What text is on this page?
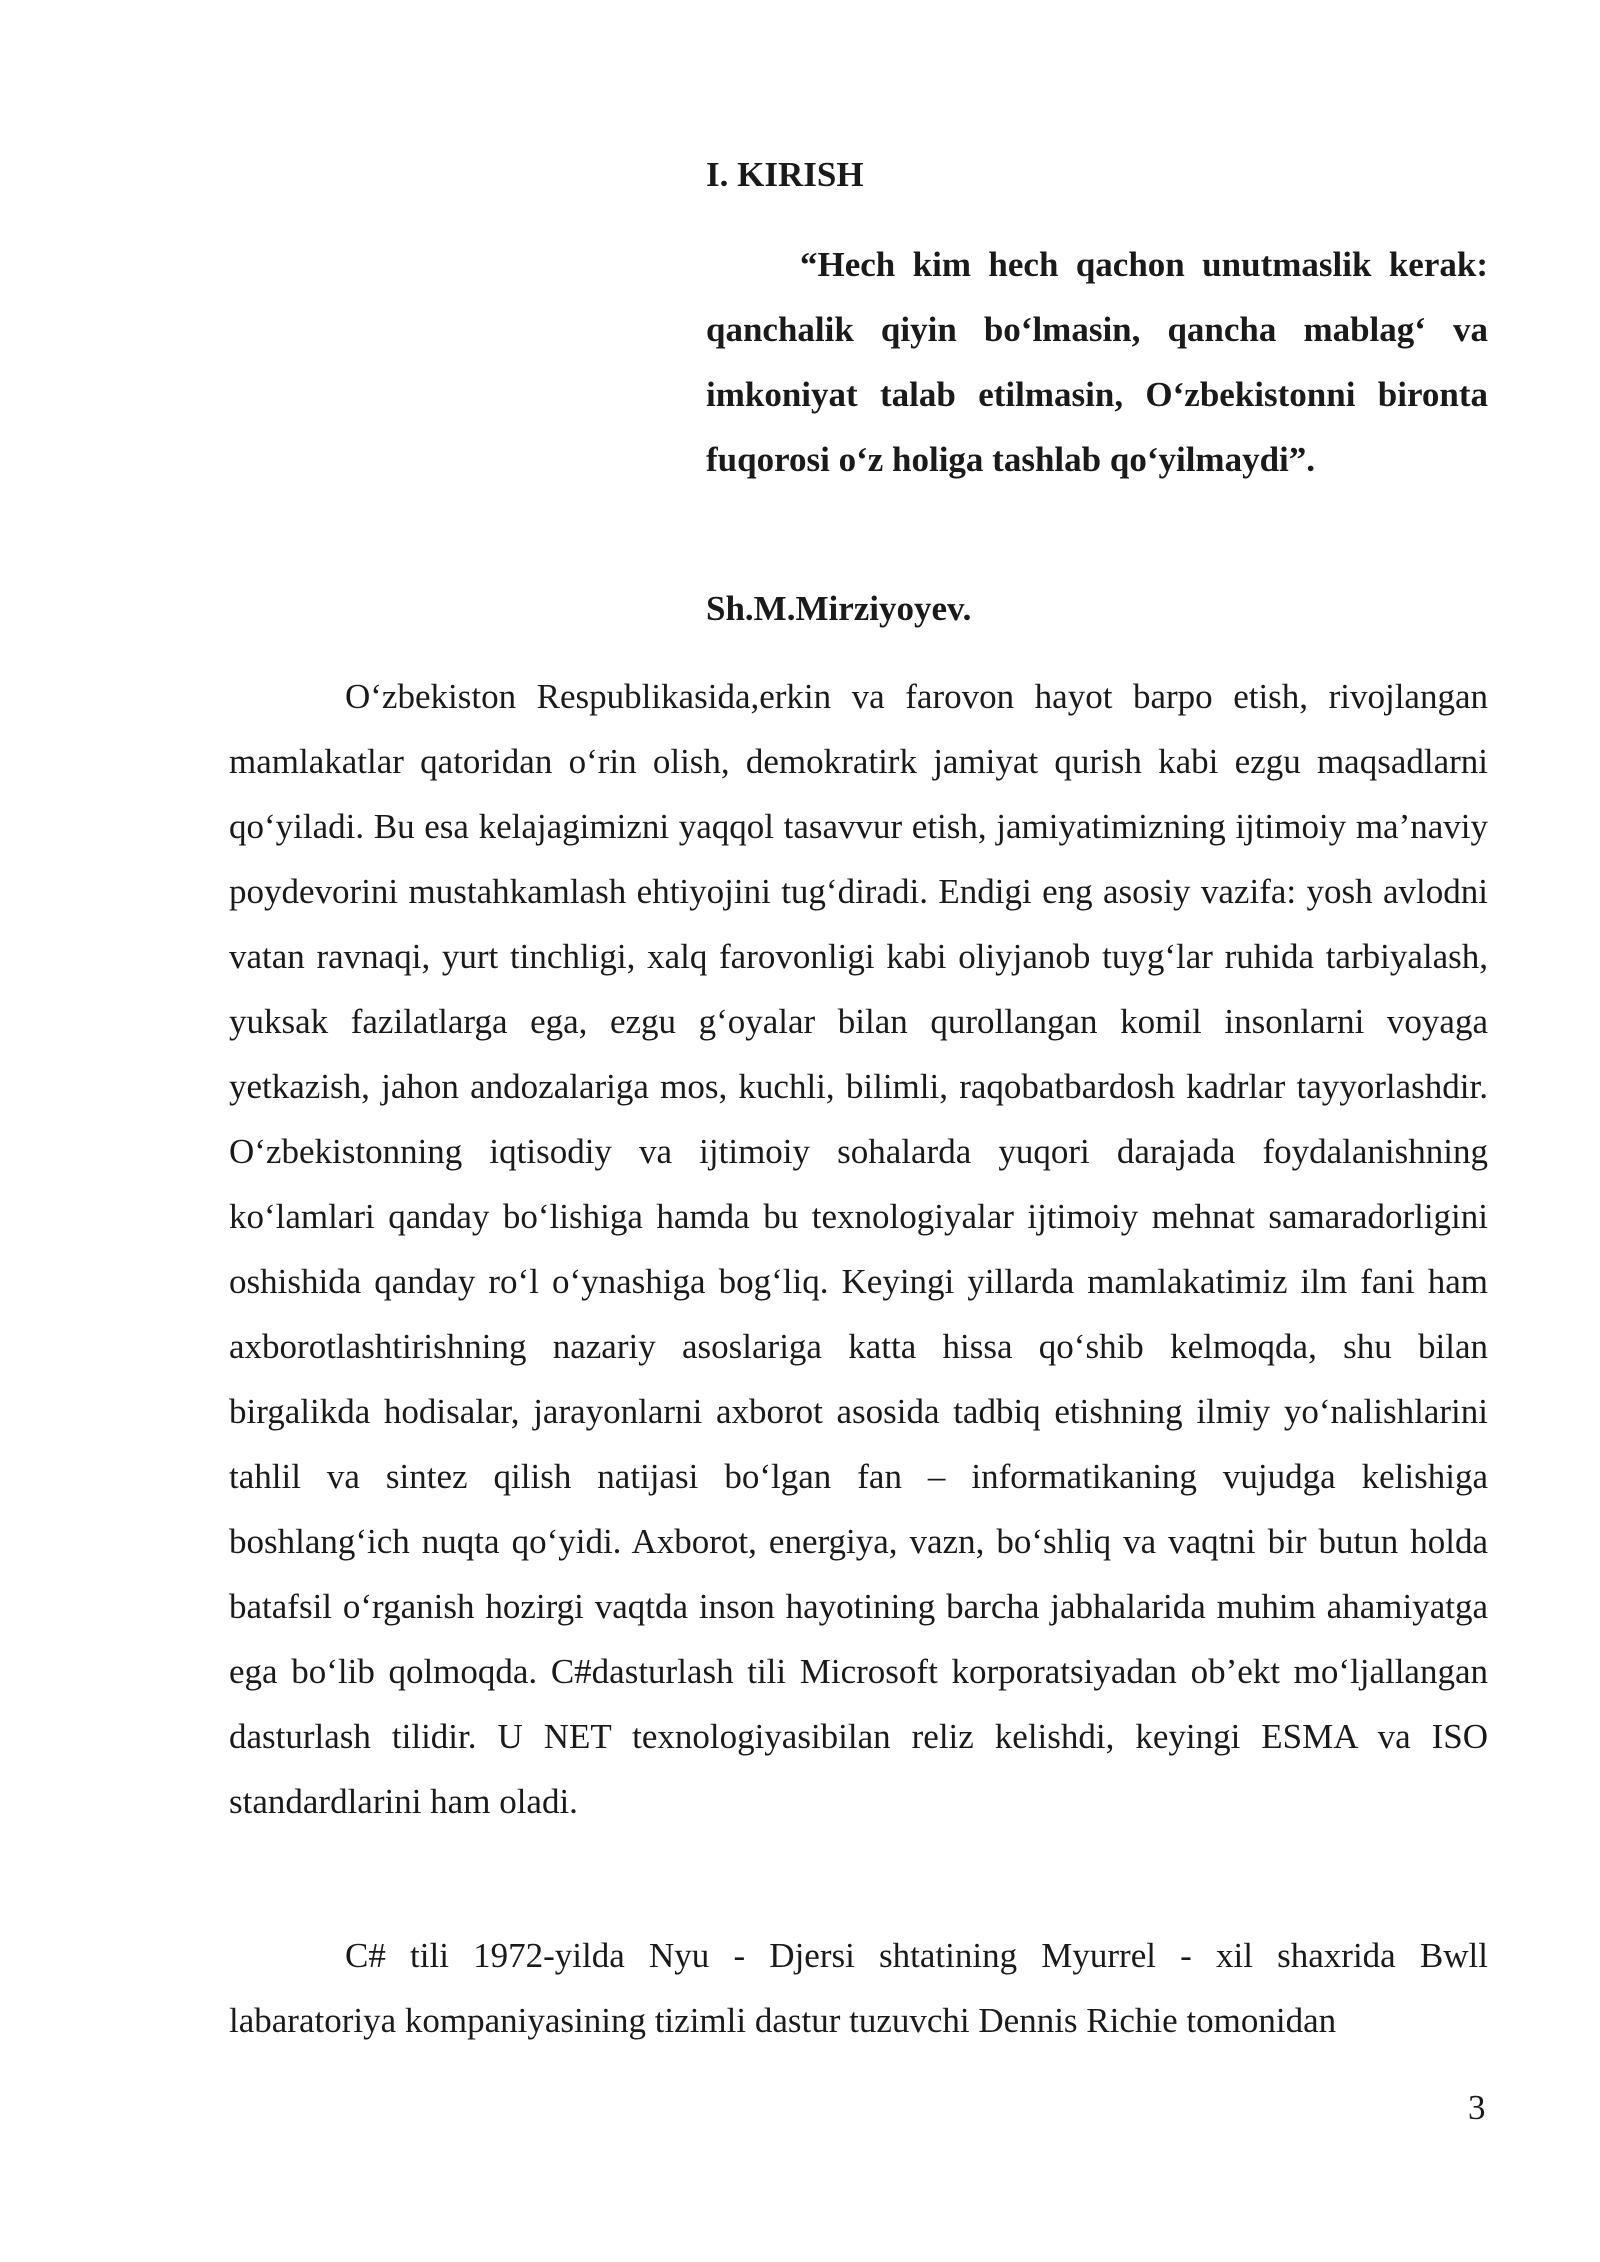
I. KIRISH

“Hech kim hech qachon unutmaslik kerak: qanchalik qiyin bo‘lmasin, qancha mablag‘ va imkoniyat talab etilmasin, O‘zbekistonni bironta fuqorosi o‘z holiga tashlab qo‘yilmaydi”.

Sh.M.Mirziyoyev.

O‘zbekiston Respublikasida,erkin va farovon hayot barpo etish, rivojlangan mamlakatlar qatoridan o‘rin olish, demokratirk jamiyat qurish kabi ezgu maqsadlarni qo‘yiladi. Bu esa kelajagimizni yaqqol tasavvur etish, jamiyatimizning ijtimoiy ma’naviy poydevorini mustahkamlash ehtiyojini tug‘diradi. Endigi eng asosiy vazifa: yosh avlodni vatan ravnaqi, yurt tinchligi, xalq farovonligi kabi oliyjanob tuyg‘lar ruhida tarbiyalash, yuksak fazilatlarga ega, ezgu g‘oyalar bilan qurollangan komil insonlarni voyaga yetkazish, jahon andozalariga mos, kuchli, bilimli, raqobatbardosh kadrlar tayyorlashdir. O‘zbekistonning iqtisodiy va ijtimoiy sohalarda yuqori darajada foydalanishning ko‘lamlari qanday bo‘lishiga hamda bu texnologiyalar ijtimoiy mehnat samaradorligini oshishida qanday ro‘l o‘ynashiga bog‘liq. Keyingi yillarda mamlakatimiz ilm fani ham axborotlashtirishning nazariy asoslariga katta hissa qo‘shib kelmoqda, shu bilan birgalikda hodisalar, jarayonlarni axborot asosida tadbiq etishning ilmiy yo‘nalishlarini tahlil va sintez qilish natijasi bo‘lgan fan – informatikaning vujudga kelishiga boshlang‘ich nuqta qo‘yidi. Axborot, energiya, vazn, bo‘shliq va vaqtni bir butun holda batafsil o‘rganish hozirgi vaqtda inson hayotining barcha jabhalarida muhim ahamiyatga ega bo‘lib qolmoqda. C#dasturlash tili Microsoft korporatsiyadan ob’ekt mo‘ljallangan dasturlash tilidir. U NET texnologiyasibilan reliz kelishdi, keyingi ESMA va ISO standardlarini ham oladi.

C# tili 1972-yilda Nyu - Djersi shtatining Myurrel - xil shaxrida Bwll labaratoriya kompaniyasining tizimli dastur tuzuvchi Dennis Richie tomonidan

3
